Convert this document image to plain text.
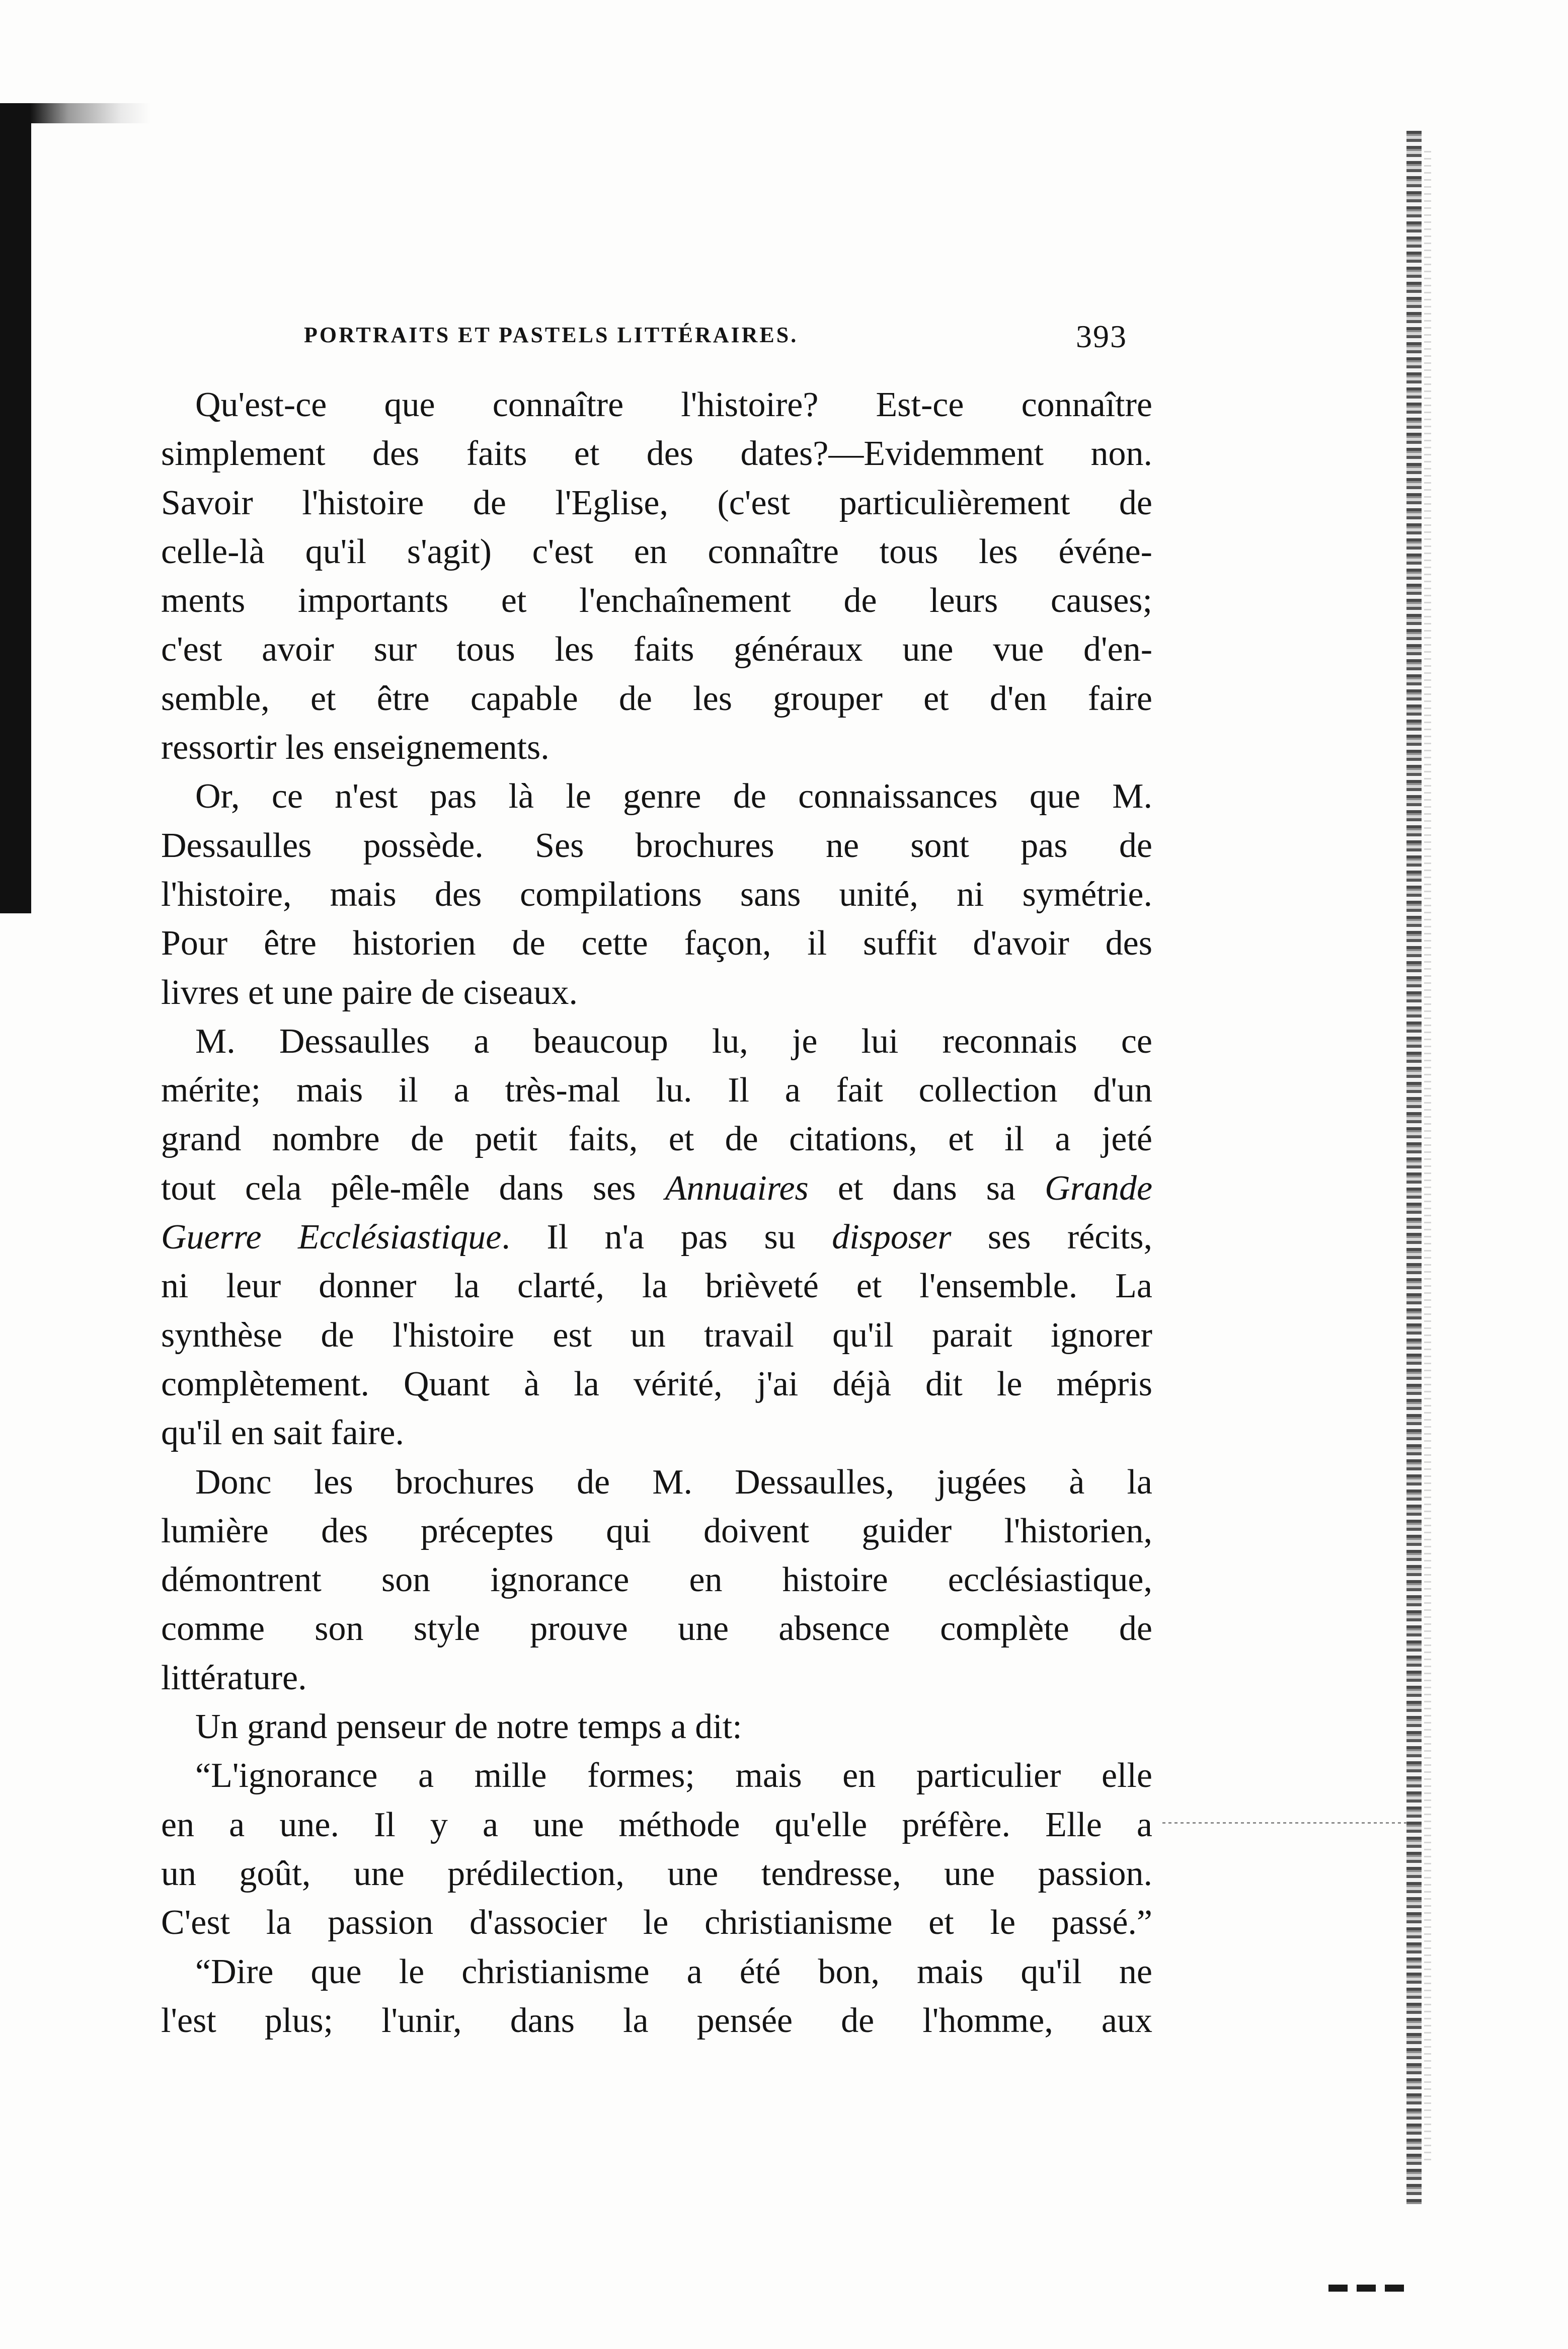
PORTRAITS ET PASTELS LITTÉRAIRES.	393
Qu'est-ce que connaître l'histoire? Est-ce connaître
simplement des faits et des dates?—Evidemment non.
Savoir l'histoire de l'Eglise, (c'est particulièrement de
celle-là qu'il s'agit) c'est en connaître tous les événe-
ments importants et l'enchaînement de leurs causes;
c'est avoir sur tous les faits généraux une vue d'en-
semble, et être capable de les grouper et d'en faire
ressortir les enseignements.
Or, ce n'est pas là le genre de connaissances que M.
Dessaulles possède. Ses brochures ne sont pas de
l'histoire, mais des compilations sans unité, ni symétrie.
Pour être historien de cette façon, il suffit d'avoir des
livres et une paire de ciseaux.
M. Dessaulles a beaucoup lu, je lui reconnais ce
mérite; mais il a très-mal lu. Il a fait collection d'un
grand nombre de petit faits, et de citations, et il a jeté
tout cela pêle-mêle dans ses Annuaires et dans sa Grande
Guerre Ecclésiastique. Il n'a pas su disposer ses récits,
ni leur donner la clarté, la brièveté et l'ensemble. La
synthèse de l'histoire est un travail qu'il parait ignorer
complètement. Quant à la vérité, j'ai déjà dit le mépris
qu'il en sait faire.
Donc les brochures de M. Dessaulles, jugées à la
lumière des préceptes qui doivent guider l'historien,
démontrent son ignorance en histoire ecclésiastique,
comme son style prouve une absence complète de
littérature.
Un grand penseur de notre temps a dit:
“L'ignorance a mille formes; mais en particulier elle
en a une. Il y a une méthode qu'elle préfère. Elle a
un goût, une prédilection, une tendresse, une passion.
C'est la passion d'associer le christianisme et le passé.”
“Dire que le christianisme a été bon, mais qu'il ne
l'est plus; l'unir, dans la pensée de l'homme, aux
